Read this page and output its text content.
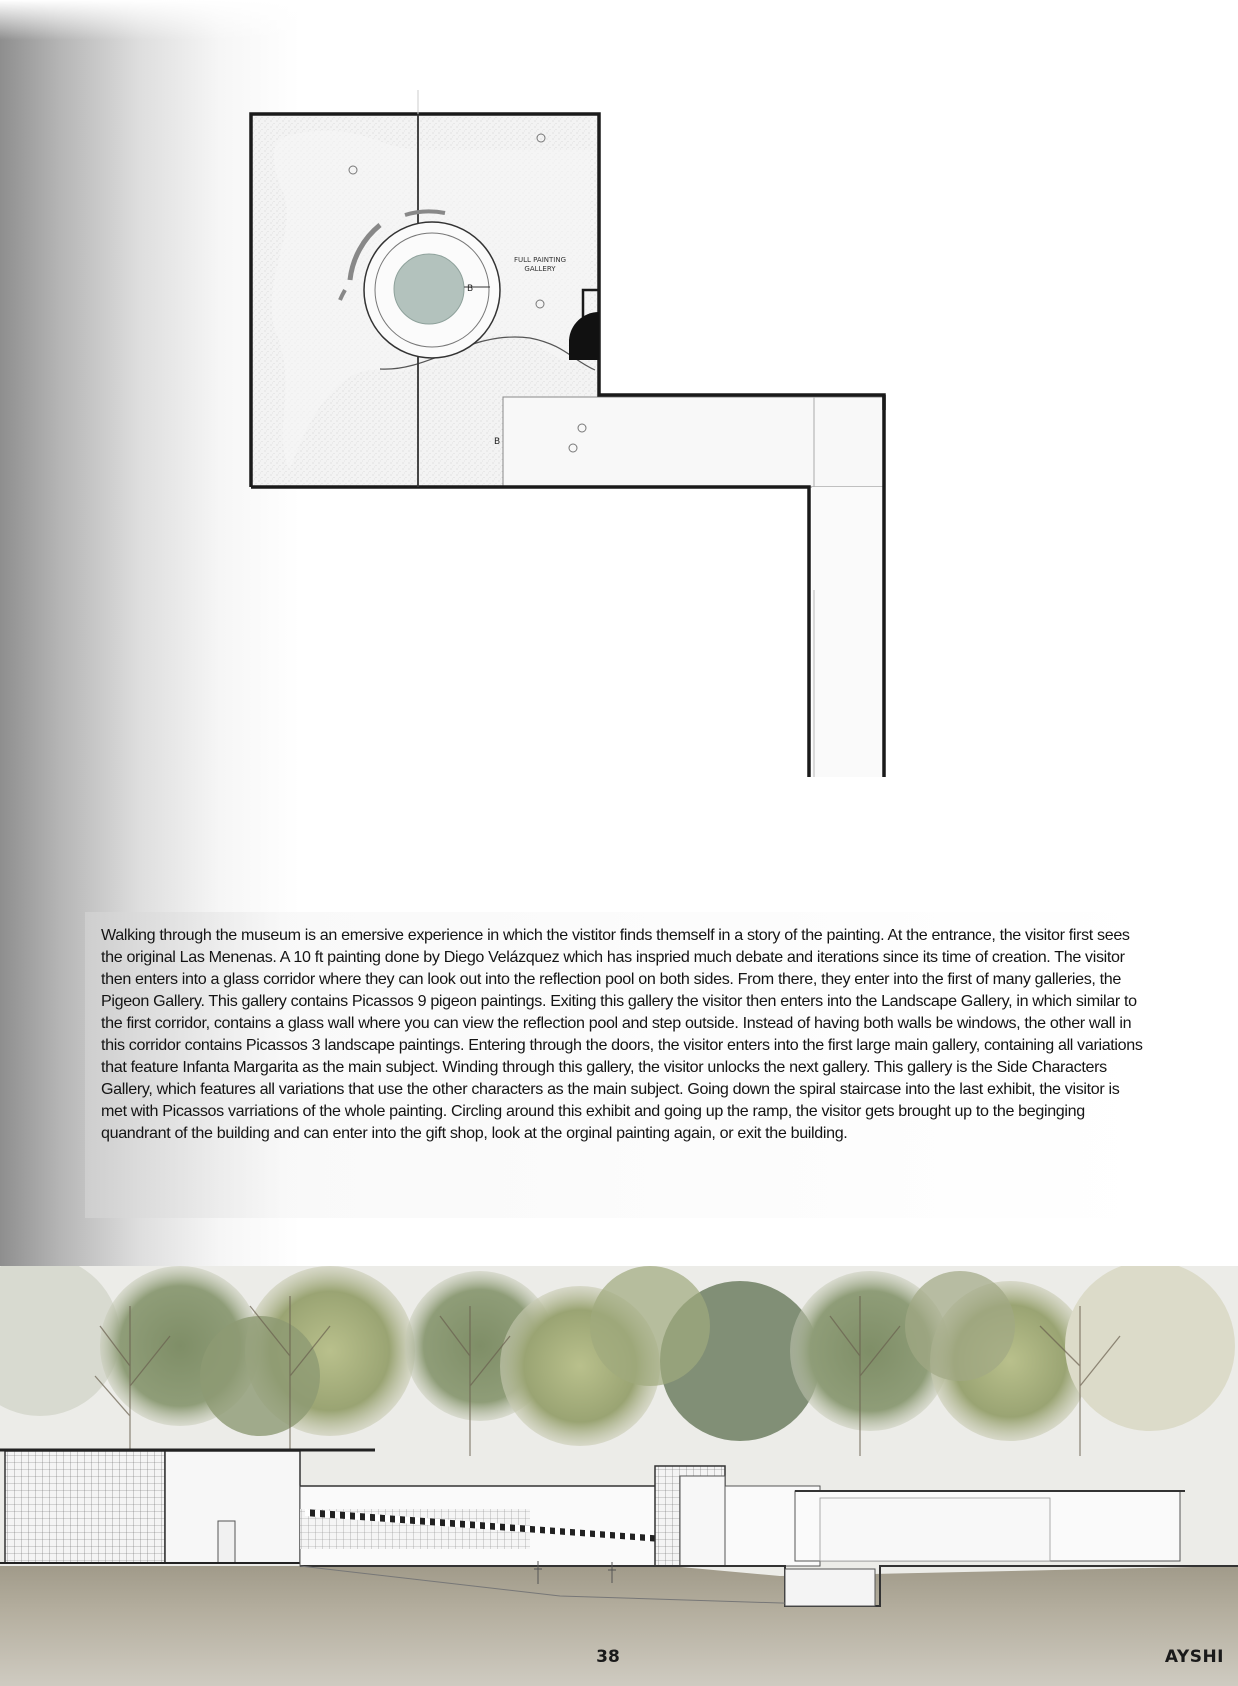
B
B
FULL PAINTING
GALLERY

Walking through the museum is an emersive experience in which the vistitor finds themself in a story of the painting. At the entrance, the visitor first sees the original Las Menenas. A 10 ft painting done by Diego Velázquez which has inspried much debate and iterations since its time of creation. The visitor then enters into a glass corridor where they can look out into the reflection pool on both sides. From there, they enter into the first of many galleries, the Pigeon Gallery. This gallery contains Picassos 9 pigeon paintings. Exiting this gallery the visitor then enters into the Landscape Gallery, in which similar to the first corridor, contains a glass wall where you can view the reflection pool and step outside. Instead of having both walls be windows, the other wall in this corridor contains Picassos 3 landscape paintings. Entering through the doors, the visitor enters into the first large main gallery, containing all variations that feature Infanta Margarita as the main subject. Winding through this gallery, the visitor unlocks the next gallery. This gallery is the Side Characters Gallery, which features all variations that use the other characters as the main subject. Going down the spiral staircase into the last exhibit, the visitor is met with Picassos varriations of the whole painting. Circling around this exhibit and going up the ramp, the visitor gets brought up to the beginging quandrant of the building and can enter into the gift shop, look at the orginal painting again, or exit the building.

38	AYSHI
